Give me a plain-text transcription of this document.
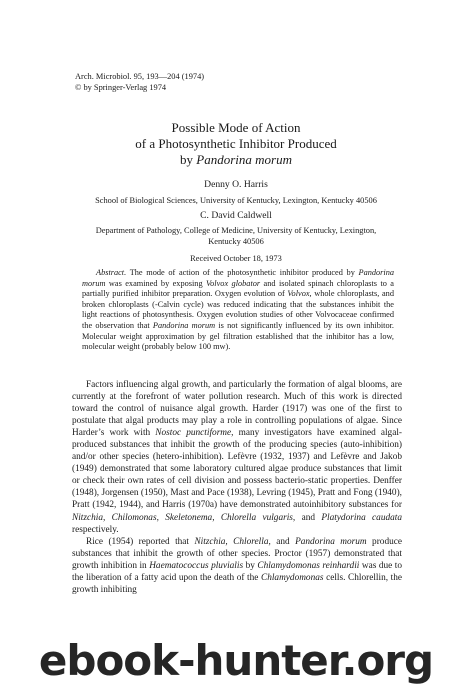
Arch. Microbiol. 95, 193—204 (1974)
© by Springer-Verlag 1974
Possible Mode of Action
of a Photosynthetic Inhibitor Produced
by Pandorina morum
Denny O. Harris
School of Biological Sciences, University of Kentucky, Lexington, Kentucky 40506
C. David Caldwell
Department of Pathology, College of Medicine, University of Kentucky, Lexington,
Kentucky 40506
Received October 18, 1973
Abstract. The mode of action of the photosynthetic inhibitor produced by Pandorina morum was examined by exposing Volvox globator and isolated spinach chloroplasts to a partially purified inhibitor preparation. Oxygen evolution of Volvox, whole chloroplasts, and broken chloroplasts (-Calvin cycle) was reduced indicating that the substances inhibit the light reactions of photosynthesis. Oxygen evolution studies of other Volvocaceae confirmed the observation that Pandorina morum is not significantly influenced by its own inhibitor. Molecular weight approximation by gel filtration established that the inhibitor has a low, molecular weight (probably below 100 mw).

Factors influencing algal growth, and particularly the formation of algal blooms, are currently at the forefront of water pollution research. Much of this work is directed toward the control of nuisance algal growth. Harder (1917) was one of the first to postulate that algal products may play a role in controlling populations of algae. Since Harder’s work with Nostoc punctiforme, many investigators have examined algal-produced substances that inhibit the growth of the producing species (auto-inhibition) and/or other species (hetero-inhibition). Lefèvre (1932, 1937) and Lefèvre and Jakob (1949) demonstrated that some laboratory cultured algae produce substances that limit or check their own rates of cell division and possess bacterio-static properties. Denffer (1948), Jorgensen (1950), Mast and Pace (1938), Levring (1945), Pratt and Fong (1940), Pratt (1942, 1944), and Harris (1970a) have demonstrated autoinhibitory substances for Nitzchia, Chilomonas, Skeletonema, Chlorella vulgaris, and Platydorina caudata respectively.

Rice (1954) reported that Nitzchia, Chlorella, and Pandorina morum produce substances that inhibit the growth of other species. Proctor (1957) demonstrated that growth inhibition in Haematococcus pluvialis by Chlamydomonas reinhardii was due to the liberation of a fatty acid upon the death of the Chlamydomonas cells. Chlorellin, the growth inhibiting

ebook-hunter.org
